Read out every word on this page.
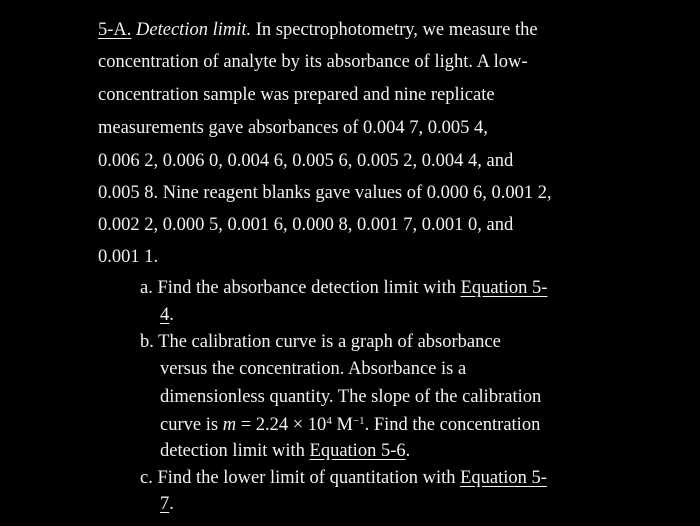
5-A. Detection limit. In spectrophotometry, we measure the
concentration of analyte by its absorbance of light. A low-
concentration sample was prepared and nine replicate
measurements gave absorbances of 0.004 7, 0.005 4,
0.006 2, 0.006 0, 0.004 6, 0.005 6, 0.005 2, 0.004 4, and
0.005 8. Nine reagent blanks gave values of 0.000 6, 0.001 2,
0.002 2, 0.000 5, 0.001 6, 0.000 8, 0.001 7, 0.001 0, and
0.001 1.
a. Find the absorbance detection limit with Equation 5-
4.
b. The calibration curve is a graph of absorbance
versus the concentration. Absorbance is a
dimensionless quantity. The slope of the calibration
curve is $m = 2.24 \times 10^4$ $M^{-1}$. Find the concentration
detection limit with Equation 5-6.
c. Find the lower limit of quantitation with Equation 5-
7.
